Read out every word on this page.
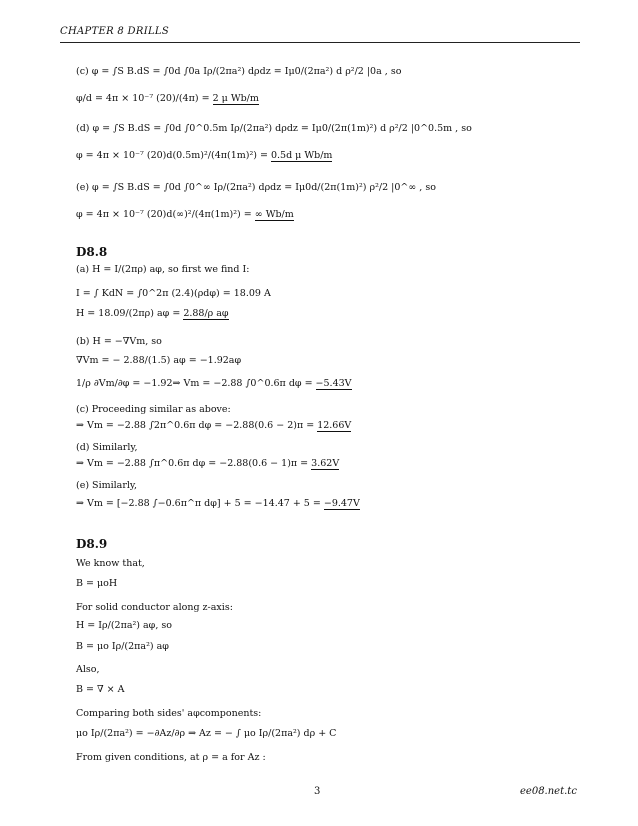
CHAPTER 8 DRILLS
(c) φ = ∫S B.dS = ∫0d ∫0a Iρ/(2πa²) dρdz = Iμ0/(2πa²) d ρ²/2 |0a , so
φ/d = 4π × 10⁻⁷ (20)/(4π) = 2 μ Wb/m
(d) φ = ∫S B.dS = ∫0d ∫0^0.5m Iρ/(2πa²) dρdz = Iμ0/(2π(1m)²) d ρ²/2 |0^0.5m , so
φ = 4π × 10⁻⁷ (20)d(0.5m)²/(4π(1m)²) = 0.5d μ Wb/m
(e) φ = ∫S B.dS = ∫0d ∫0^∞ Iρ/(2πa²) dρdz = Iμ0d/(2π(1m)²) ρ²/2 |0^∞ , so
φ = 4π × 10⁻⁷ (20)d(∞)²/(4π(1m)²) = ∞ Wb/m
D8.8
(a) H = I/(2πρ) aφ, so first we find I:
I = ∫ KdN = ∫0^2π (2.4)(ρdφ) = 18.09 A
H = 18.09/(2πρ) aφ = 2.88/ρ aφ
(b) H = −∇Vm, so
∇Vm = − 2.88/(1.5) aφ = −1.92aφ
1/ρ ∂Vm/∂φ = −1.92⇒ Vm = −2.88 ∫0^0.6π dφ = −5.43V
(c) Proceeding similar as above:
⇒ Vm = −2.88 ∫2π^0.6π dφ = −2.88(0.6 − 2)π = 12.66V
(d) Similarly,
⇒ Vm = −2.88 ∫π^0.6π dφ = −2.88(0.6 − 1)π = 3.62V
(e) Similarly,
⇒ Vm = [−2.88 ∫−0.6π^π dφ] + 5 = −14.47 + 5 = −9.47V
D8.9
We know that,
B = μoH
For solid conductor along z-axis:
H = Iρ/(2πa²) aφ, so
B = μo Iρ/(2πa²) aφ
Also,
B = ∇ × A
Comparing both sides' aφcomponents:
μo Iρ/(2πa²) = −∂Az/∂ρ ⇒ Az = − ∫ μo Iρ/(2πa²) dρ + C
From given conditions, at ρ = a for Az :
3	ee08.net.tc
